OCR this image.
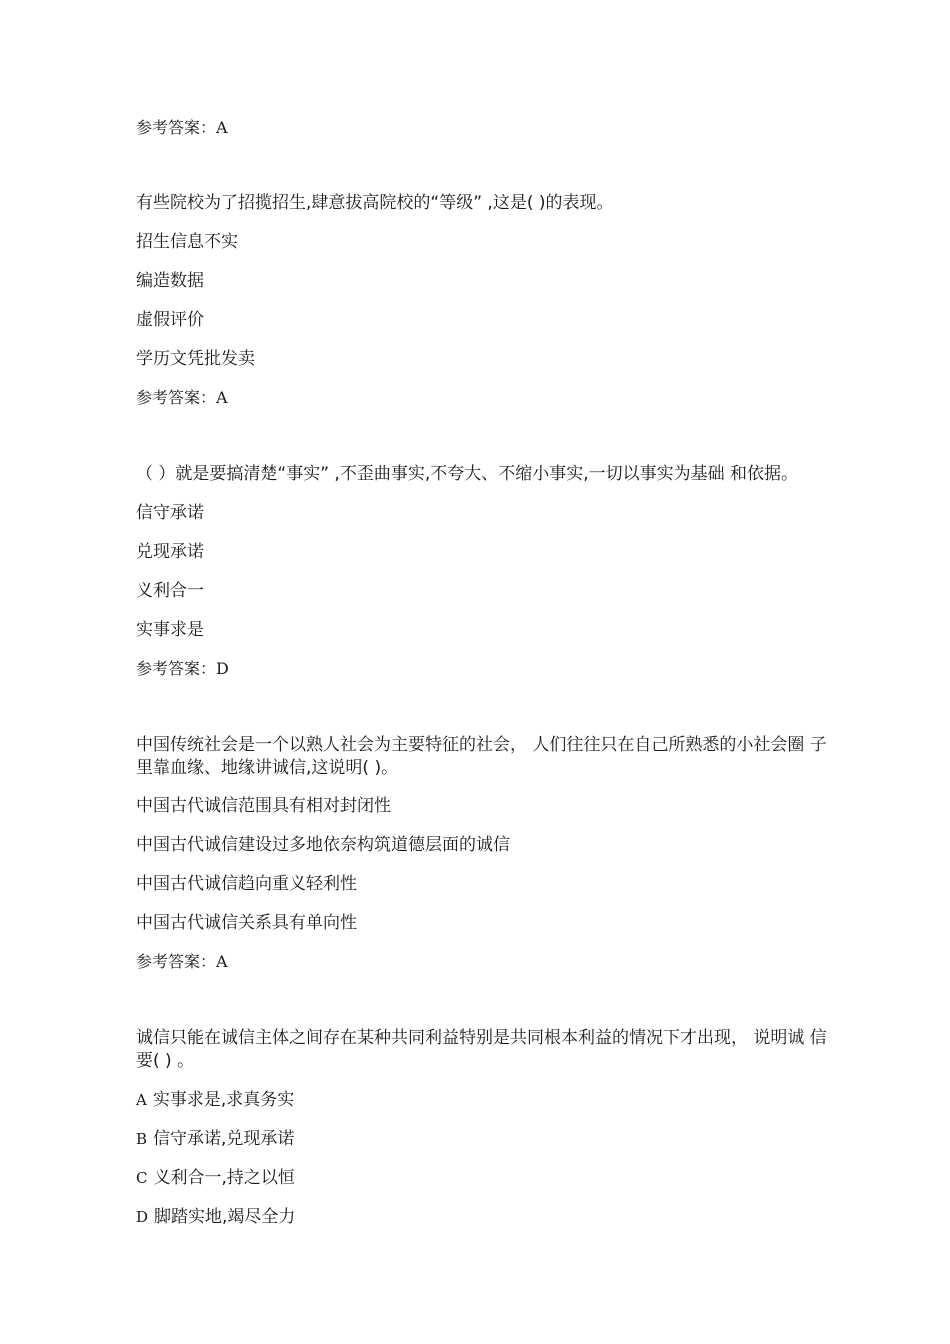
参考答案：A
有些院校为了招揽招生,肆意拔高院校的“等级” ,这是( )的表现。
招生信息不实
编造数据
虚假评价
学历文凭批发卖
参考答案：A
（ ）就是要搞清楚“事实” ,不歪曲事实,不夸大、不缩小事实,一切以事实为基础 和依据。
信守承诺
兑现承诺
义利合一
实事求是
参考答案：D
中国传统社会是一个以熟人社会为主要特征的社会， 人们往往只在自己所熟悉的小社会圈 子
里靠血缘、地缘讲诚信,这说明( )。
中国古代诚信范围具有相对封闭性
中国古代诚信建设过多地依奈构筑道德层面的诚信
中国古代诚信趋向重义轻利性
中国古代诚信关系具有单向性
参考答案：A
诚信只能在诚信主体之间存在某种共同利益特别是共同根本利益的情况下才出现， 说明诚 信
要( ) 。
A 实事求是,求真务实
B 信守承诺,兑现承诺
C 义利合一,持之以恒
D 脚踏实地,竭尽全力
